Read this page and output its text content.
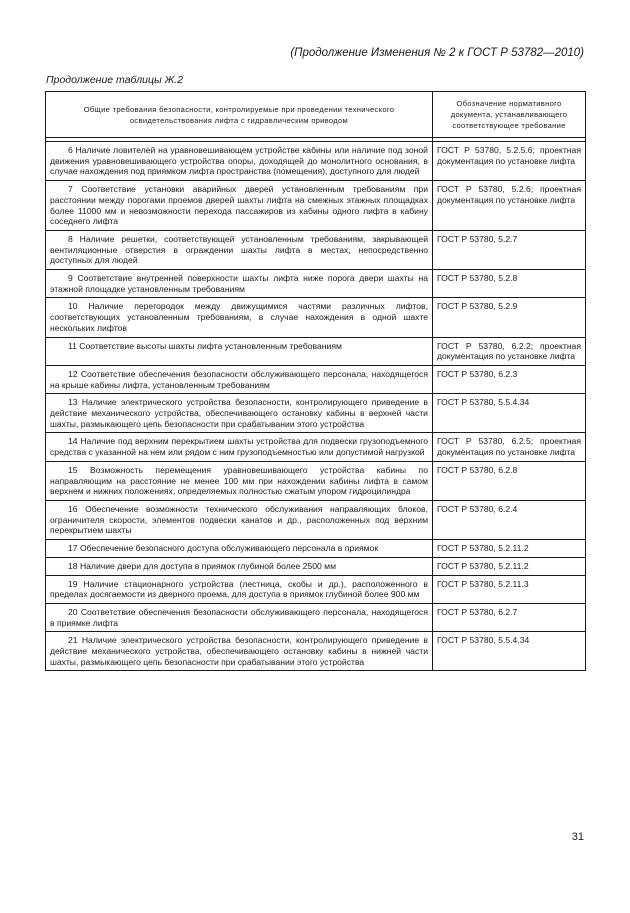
(Продолжение Изменения № 2 к ГОСТ Р 53782—2010)
Продолжение таблицы Ж.2
Общие требования безопасности, контролируемые при проведении технического освидетельствования лифта с гидравлическим приводом	Обозначение нормативного документа, устанавливающего соответствующее требование

6 Наличие ловителей на уравновешивающем устройстве кабины или наличие под зоной движения уравновешивающего устройства опоры, доходящей до монолитного основания, в случае нахождения под приямком лифта пространства (помещения), доступного для людей	ГОСТ Р 53780, 5.2.5.6; проектная документация по установке лифта

7 Соответствие установки аварийных дверей установленным требованиям при расстоянии между порогами проемов дверей шахты лифта на смежных этажных площадках более 11000 мм и невозможности перехода пассажиров из кабины одного лифта в кабину соседнего лифта	ГОСТ Р 53780, 5.2.6; проектная документация по установке лифта

8 Наличие решетки, соответствующей установленным требованиям, закрывающей вентиляционные отверстия в ограждении шахты лифта в местах, непосредственно доступных для людей	ГОСТ Р 53780, 5.2.7

9 Соответствие внутренней поверхности шахты лифта ниже порога двери шахты на этажной площадке установленным требованиям	ГОСТ Р 53780, 5.2.8

10 Наличие перегородок между движущимися частями различных лифтов, соответствующих установленным требованиям, в случае нахождения в одной шахте нескольких лифтов	ГОСТ Р 53780, 5.2.9

11 Соответствие высоты шахты лифта установленным требованиям	ГОСТ Р 53780, 6.2.2; проектная документация по установке лифта

12 Соответствие обеспечения безопасности обслуживающего персонала, находящегося на крыше кабины лифта, установленным требованиям	ГОСТ Р 53780, 6.2.3

13 Наличие электрического устройства безопасности, контролирующего приведение в действие механического устройства, обеспечивающего остановку кабины в верхней части шахты, размыкающего цепь безопасности при срабатывании этого устройства	ГОСТ Р 53780, 5.5.4.34

14 Наличие под верхним перекрытием шахты устройства для подвески грузоподъемного средства с указанной на нем или рядом с ним грузоподъемностью или допустимой нагрузкой	ГОСТ Р 53780, 6.2.5; проектная документация по установке лифта

15 Возможность перемещения уравновешивающего устройства кабины по направляющим на расстояние не менее 100 мм при нахождении кабины лифта в самом верхнем и нижних положениях, определяемых полностью сжатым упором гидроцилиндра	ГОСТ Р 53780, 6.2.8

16 Обеспечение возможности технического обслуживания направляющих блоков, ограничителя скорости, элементов подвески канатов и др., расположенных под верхним перекрытием шахты	ГОСТ Р 53780, 6.2.4

17 Обеспечение безопасного доступа обслуживающего персонала в приямок	ГОСТ Р 53780, 5.2.11.2

18 Наличие двери для доступа в приямок глубиной более 2500 мм	ГОСТ Р 53780, 5.2.11.2

19 Наличие стационарного устройства (лестница, скобы и др.), расположенного в пределах досягаемости из дверного проема, для доступа в приямок глубиной более 900 мм	ГОСТ Р 53780, 5.2.11.3

20 Соответствие обеспечения безопасности обслуживающего персонала, находящегося в приямке лифта	ГОСТ Р 53780, 6.2.7

21 Наличие электрического устройства безопасности, контролирующего приведение в действие механического устройства, обеспечивающего остановку кабины в нижней части шахты, размыкающего цепь безопасности при срабатывании этого устройства	ГОСТ Р 53780, 5.5.4.34
31
